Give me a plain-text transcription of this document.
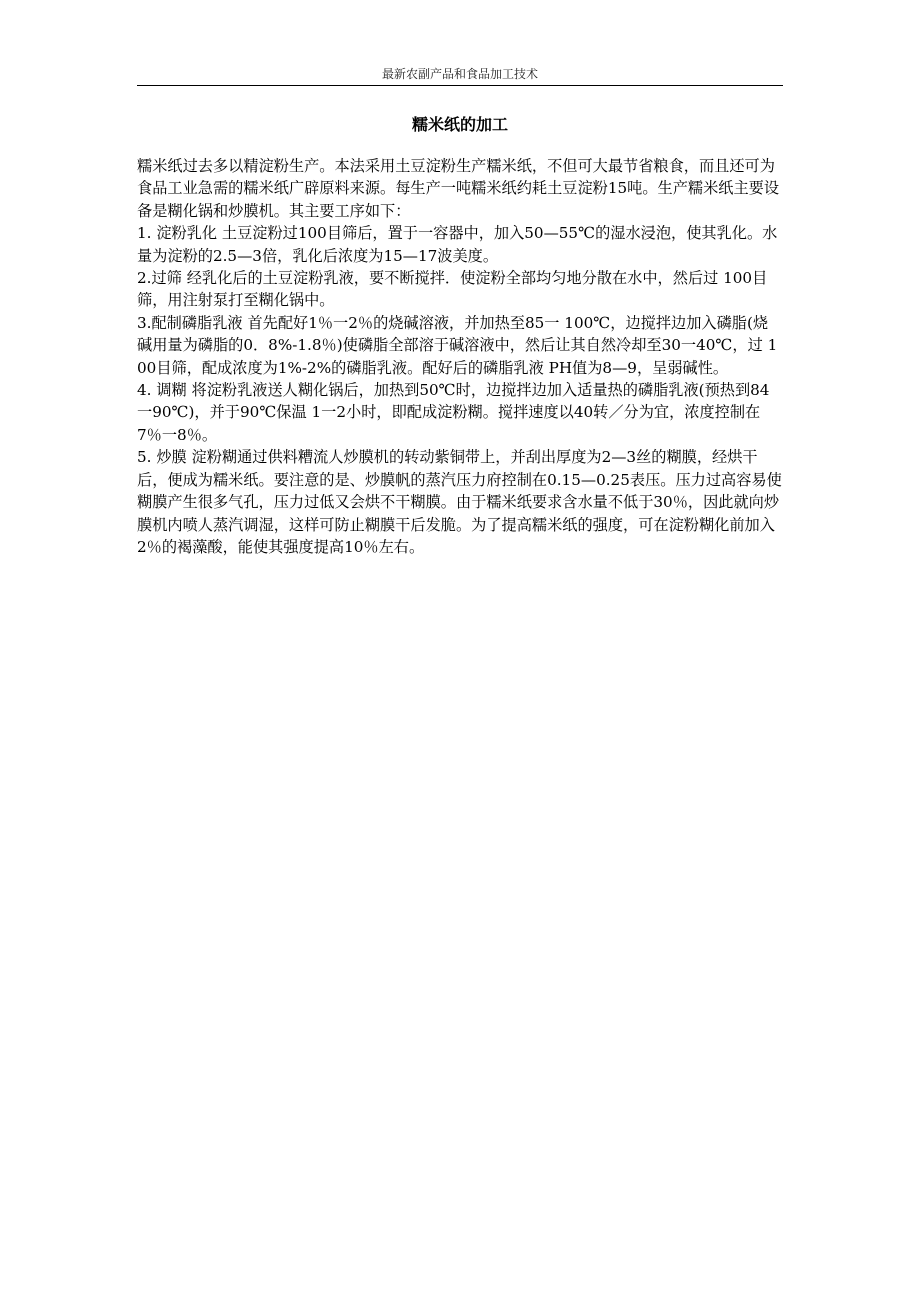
最新农副产品和食品加工技术
糯米纸的加工

糯米纸过去多以精淀粉生产。本法采用土豆淀粉生产糯米纸，不但可大最节省粮食，而且还可为食品工业急需的糯米纸广辟原料来源。每生产一吨糯米纸约耗土豆淀粉15吨。生产糯米纸主要设备是糊化锅和炒膜机。其主要工序如下：

1. 淀粉乳化 土豆淀粉过100目筛后，置于一容器中，加入50—55℃的湿水浸泡，使其乳化。水量为淀粉的2.5—3倍，乳化后浓度为15—17波美度。

2.过筛 经乳化后的土豆淀粉乳液，要不断搅拌．使淀粉全部均匀地分散在水中，然后过 100目筛，用注射泵打至糊化锅中。

3.配制磷脂乳液 首先配好1％一2％的烧碱溶液，并加热至85一 100℃，边搅拌边加入磷脂(烧碱用量为磷脂的0．8%-1.8％)使磷脂全部溶于碱溶液中，然后让其自然冷却至30一40℃，过 100目筛，配成浓度为1%-2%的磷脂乳液。配好后的磷脂乳液 PH值为8—9，呈弱碱性。

4. 调糊 将淀粉乳液送人糊化锅后，加热到50℃时，边搅拌边加入适量热的磷脂乳液(预热到84一90℃)，并于90℃保温 1一2小时，即配成淀粉糊。搅拌速度以40转／分为宜，浓度控制在7％一8％。

5. 炒膜 淀粉糊通过供料糟流人炒膜机的转动紫铜带上，并刮出厚度为2—3丝的糊膜，经烘干后，便成为糯米纸。要注意的是、炒膜帆的蒸汽压力府控制在0.15—0.25表压。压力过高容易使糊膜产生很多气孔，压力过低又会烘不干糊膜。由于糯米纸要求含水量不低于30％，因此就向炒膜机内喷人蒸汽调湿，这样可防止糊膜干后发脆。为了提高糯米纸的强度，可在淀粉糊化前加入2％的褐藻酸，能使其强度提高10％左右。
